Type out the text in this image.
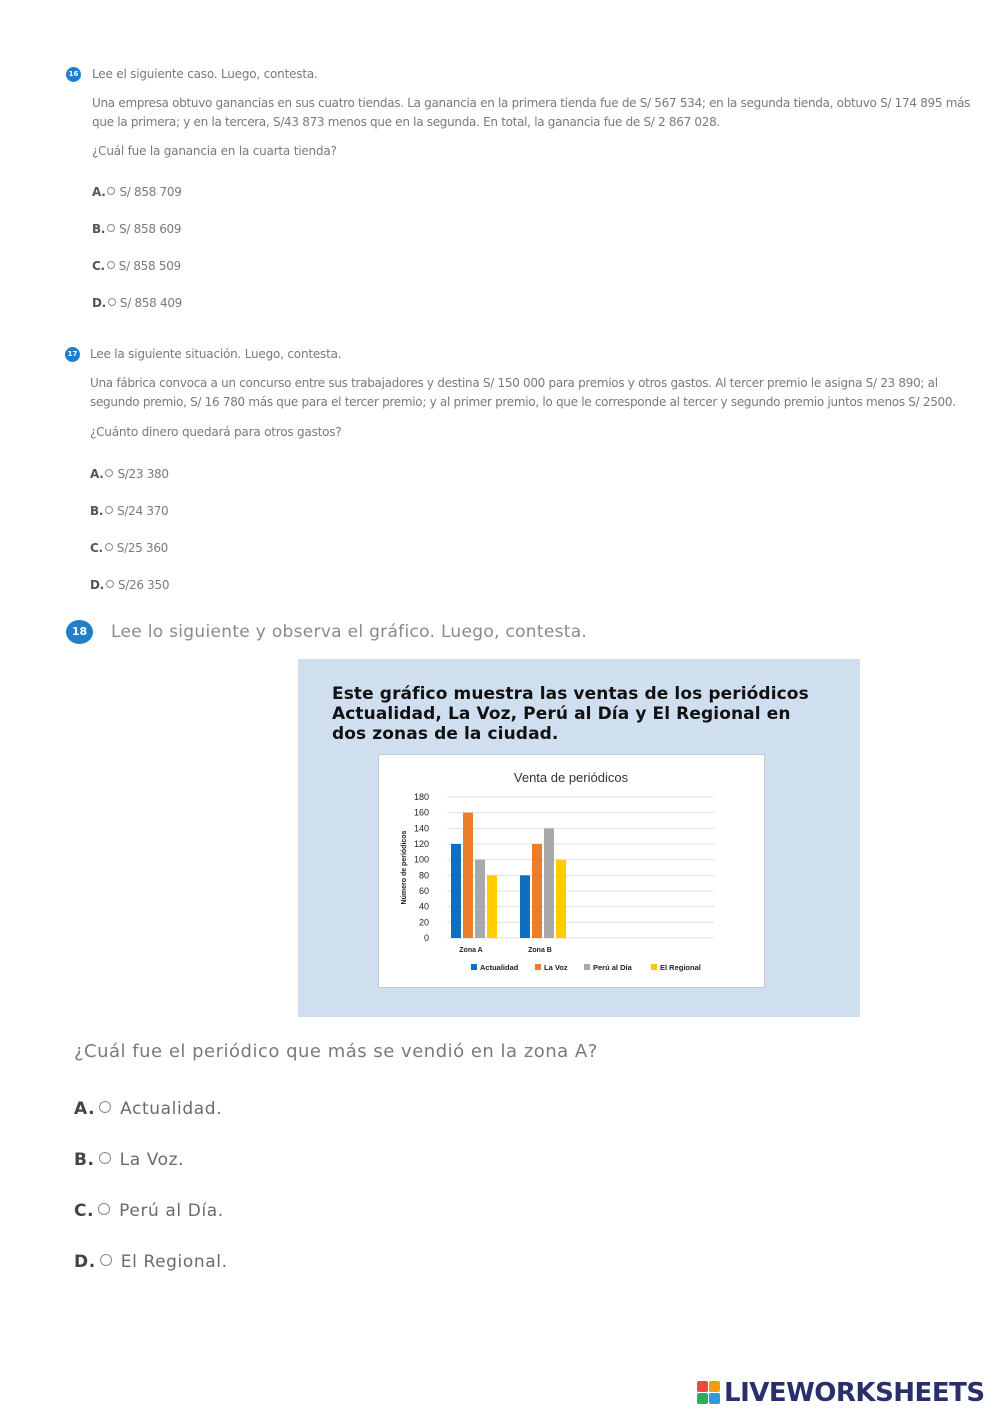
16 Lee el siguiente caso. Luego, contesta.
Una empresa obtuvo ganancias en sus cuatro tiendas. La ganancia en la primera tienda fue de S/ 567 534; en la segunda tienda, obtuvo S/ 174 895 más
que la primera; y en la tercera, S/43 873 menos que en la segunda. En total, la ganancia fue de S/ 2 867 028.
¿Cuál fue la ganancia en la cuarta tienda?
A. S/ 858 709
B. S/ 858 609
C. S/ 858 509
D. S/ 858 409
17 Lee la siguiente situación. Luego, contesta.
Una fábrica convoca a un concurso entre sus trabajadores y destina S/ 150 000 para premios y otros gastos. Al tercer premio le asigna S/ 23 890; al
segundo premio, S/ 16 780 más que para el tercer premio; y al primer premio, lo que le corresponde al tercer y segundo premio juntos menos S/ 2500.
¿Cuánto dinero quedará para otros gastos?
A. S/23 380
B. S/24 370
C. S/25 360
D. S/26 350
18	Lee lo siguiente y observa el gráfico. Luego, contesta.
Este gráfico muestra las ventas de los periódicos
Actualidad, La Voz, Perú al Día y El Regional en
dos zonas de la ciudad.
Venta de periódicos
0
20
40
60
80
100
120
140
160
180
Número de periódicos
Zona A	Zona B
Actualidad	La Voz	Perú al Día	El Regional
¿Cuál fue el periódico que más se vendió en la zona A?
A. Actualidad.
B. La Voz.
C. Perú al Día.
D. El Regional.
LIVEWORKSHEETS
